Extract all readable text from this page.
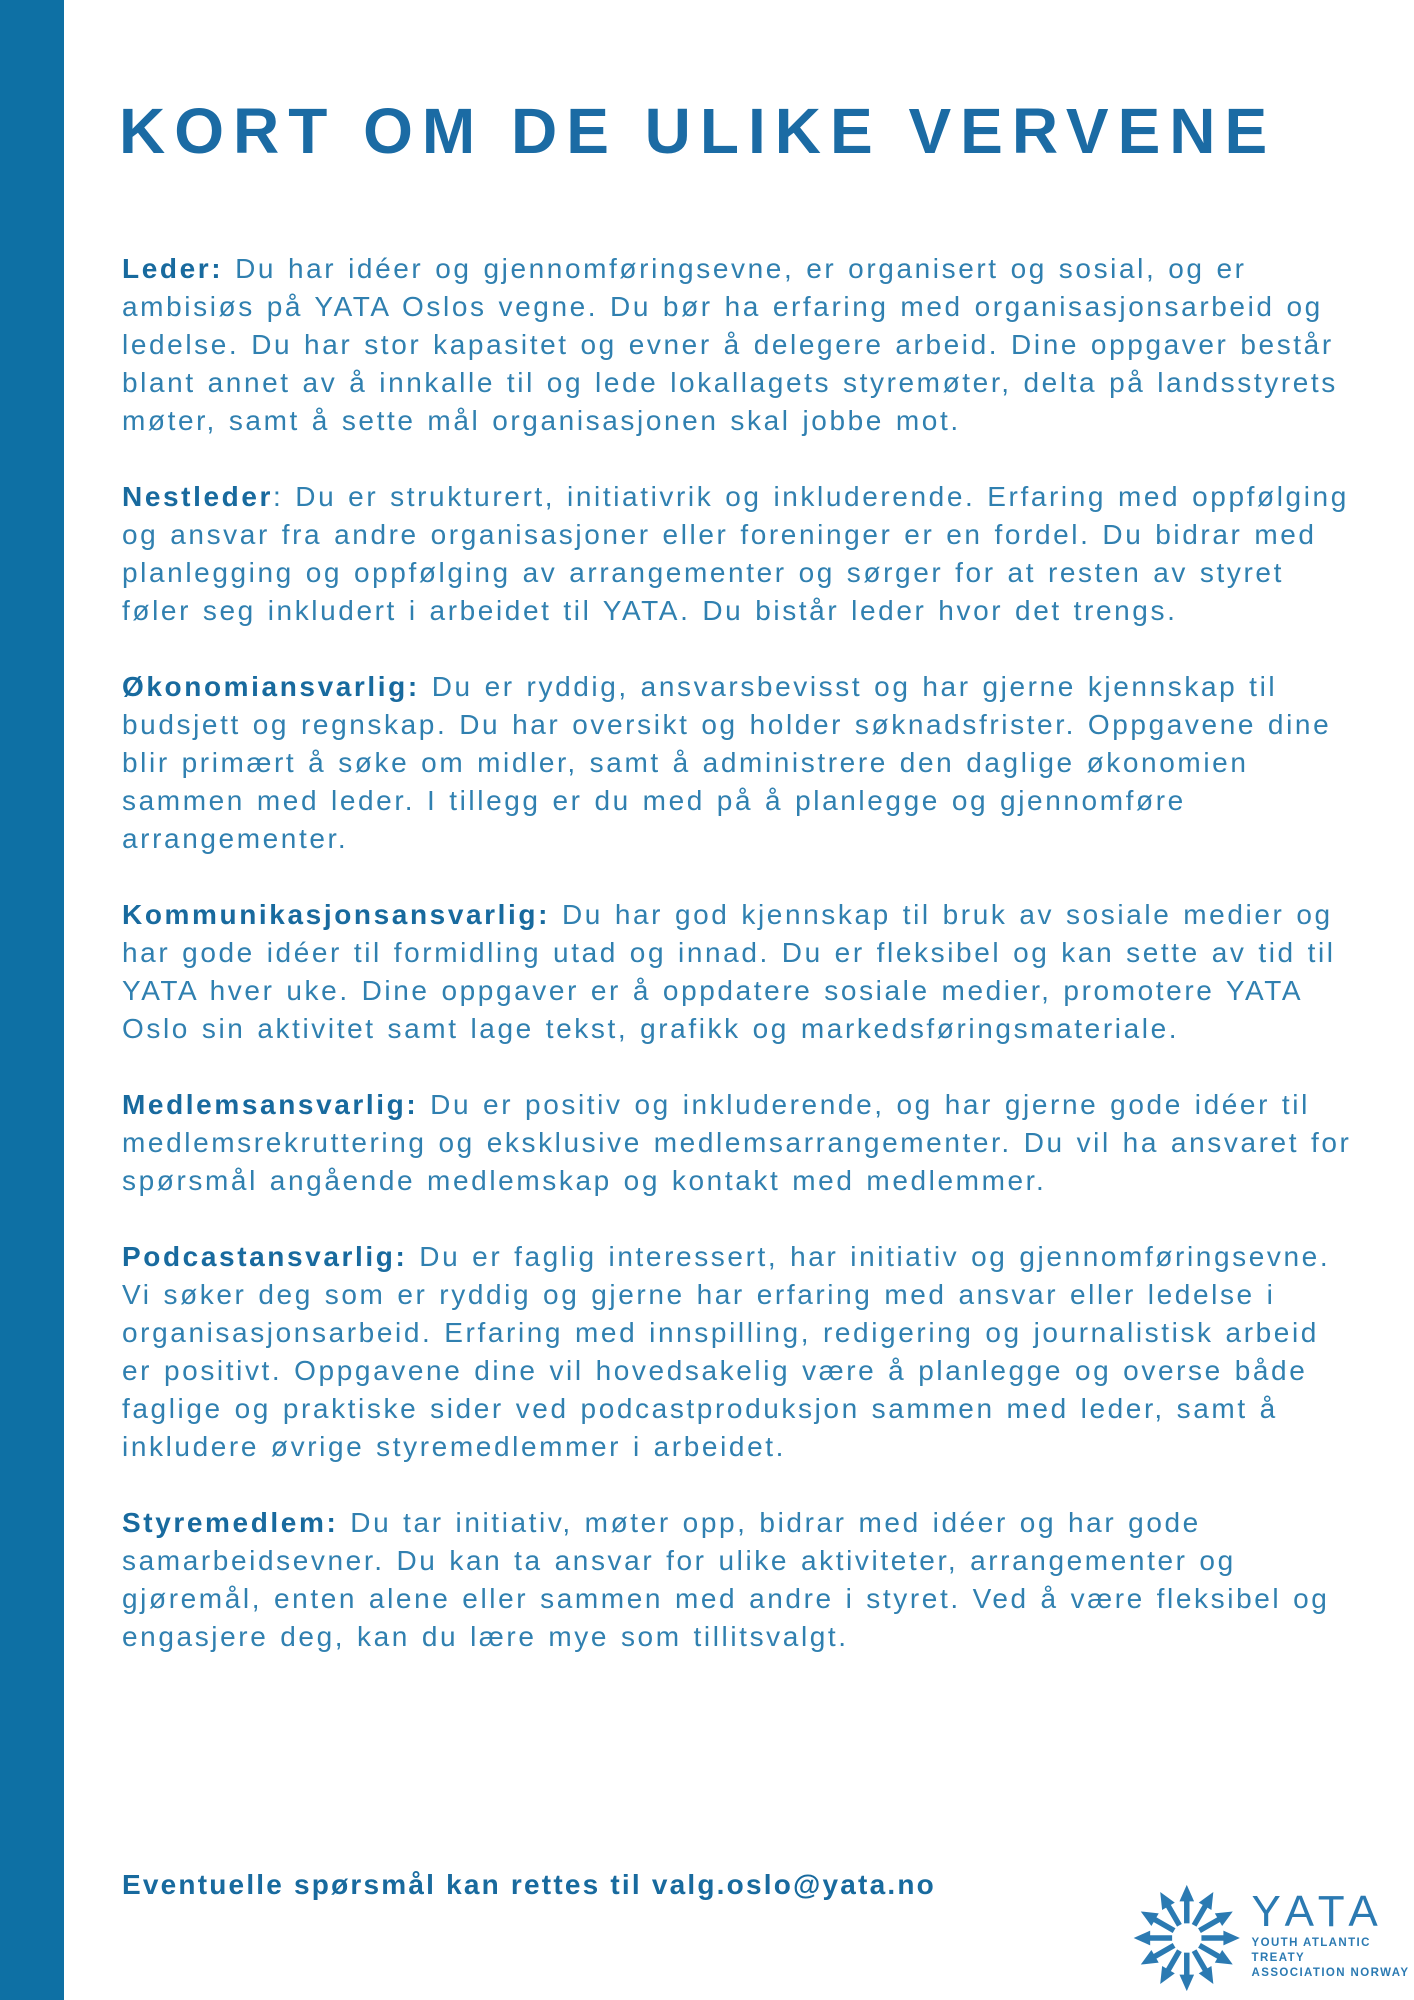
KORT OM DE ULIKE VERVENE

Leder: Du har idéer og gjennomføringsevne, er organisert og sosial, og er ambisiøs på YATA Oslos vegne. Du bør ha erfaring med organisasjonsarbeid og ledelse. Du har stor kapasitet og evner å delegere arbeid. Dine oppgaver består blant annet av å innkalle til og lede lokallagets styremøter, delta på landsstyrets møter, samt å sette mål organisasjonen skal jobbe mot.

Nestleder: Du er strukturert, initiativrik og inkluderende. Erfaring med oppfølging og ansvar fra andre organisasjoner eller foreninger er en fordel. Du bidrar med planlegging og oppfølging av arrangementer og sørger for at resten av styret føler seg inkludert i arbeidet til YATA. Du bistår leder hvor det trengs.

Økonomiansvarlig: Du er ryddig, ansvarsbevisst og har gjerne kjennskap til budsjett og regnskap. Du har oversikt og holder søknadsfrister. Oppgavene dine blir primært å søke om midler, samt å administrere den daglige økonomien sammen med leder. I tillegg er du med på å planlegge og gjennomføre arrangementer.

Kommunikasjonsansvarlig: Du har god kjennskap til bruk av sosiale medier og har gode idéer til formidling utad og innad. Du er fleksibel og kan sette av tid til YATA hver uke. Dine oppgaver er å oppdatere sosiale medier, promotere YATA Oslo sin aktivitet samt lage tekst, grafikk og markedsføringsmateriale.

Medlemsansvarlig: Du er positiv og inkluderende, og har gjerne gode idéer til medlemsrekruttering og eksklusive medlemsarrangementer. Du vil ha ansvaret for spørsmål angående medlemskap og kontakt med medlemmer.

Podcastansvarlig: Du er faglig interessert, har initiativ og gjennomføringsevne. Vi søker deg som er ryddig og gjerne har erfaring med ansvar eller ledelse i organisasjonsarbeid. Erfaring med innspilling, redigering og journalistisk arbeid er positivt. Oppgavene dine vil hovedsakelig være å planlegge og overse både faglige og praktiske sider ved podcastproduksjon sammen med leder, samt å inkludere øvrige styremedlemmer i arbeidet.

Styremedlem: Du tar initiativ, møter opp, bidrar med idéer og har gode samarbeidsevner. Du kan ta ansvar for ulike aktiviteter, arrangementer og gjøremål, enten alene eller sammen med andre i styret. Ved å være fleksibel og engasjere deg, kan du lære mye som tillitsvalgt.

Eventuelle spørsmål kan rettes til valg.oslo@yata.no

YATA
YOUTH ATLANTIC TREATY
ASSOCIATION NORWAY
